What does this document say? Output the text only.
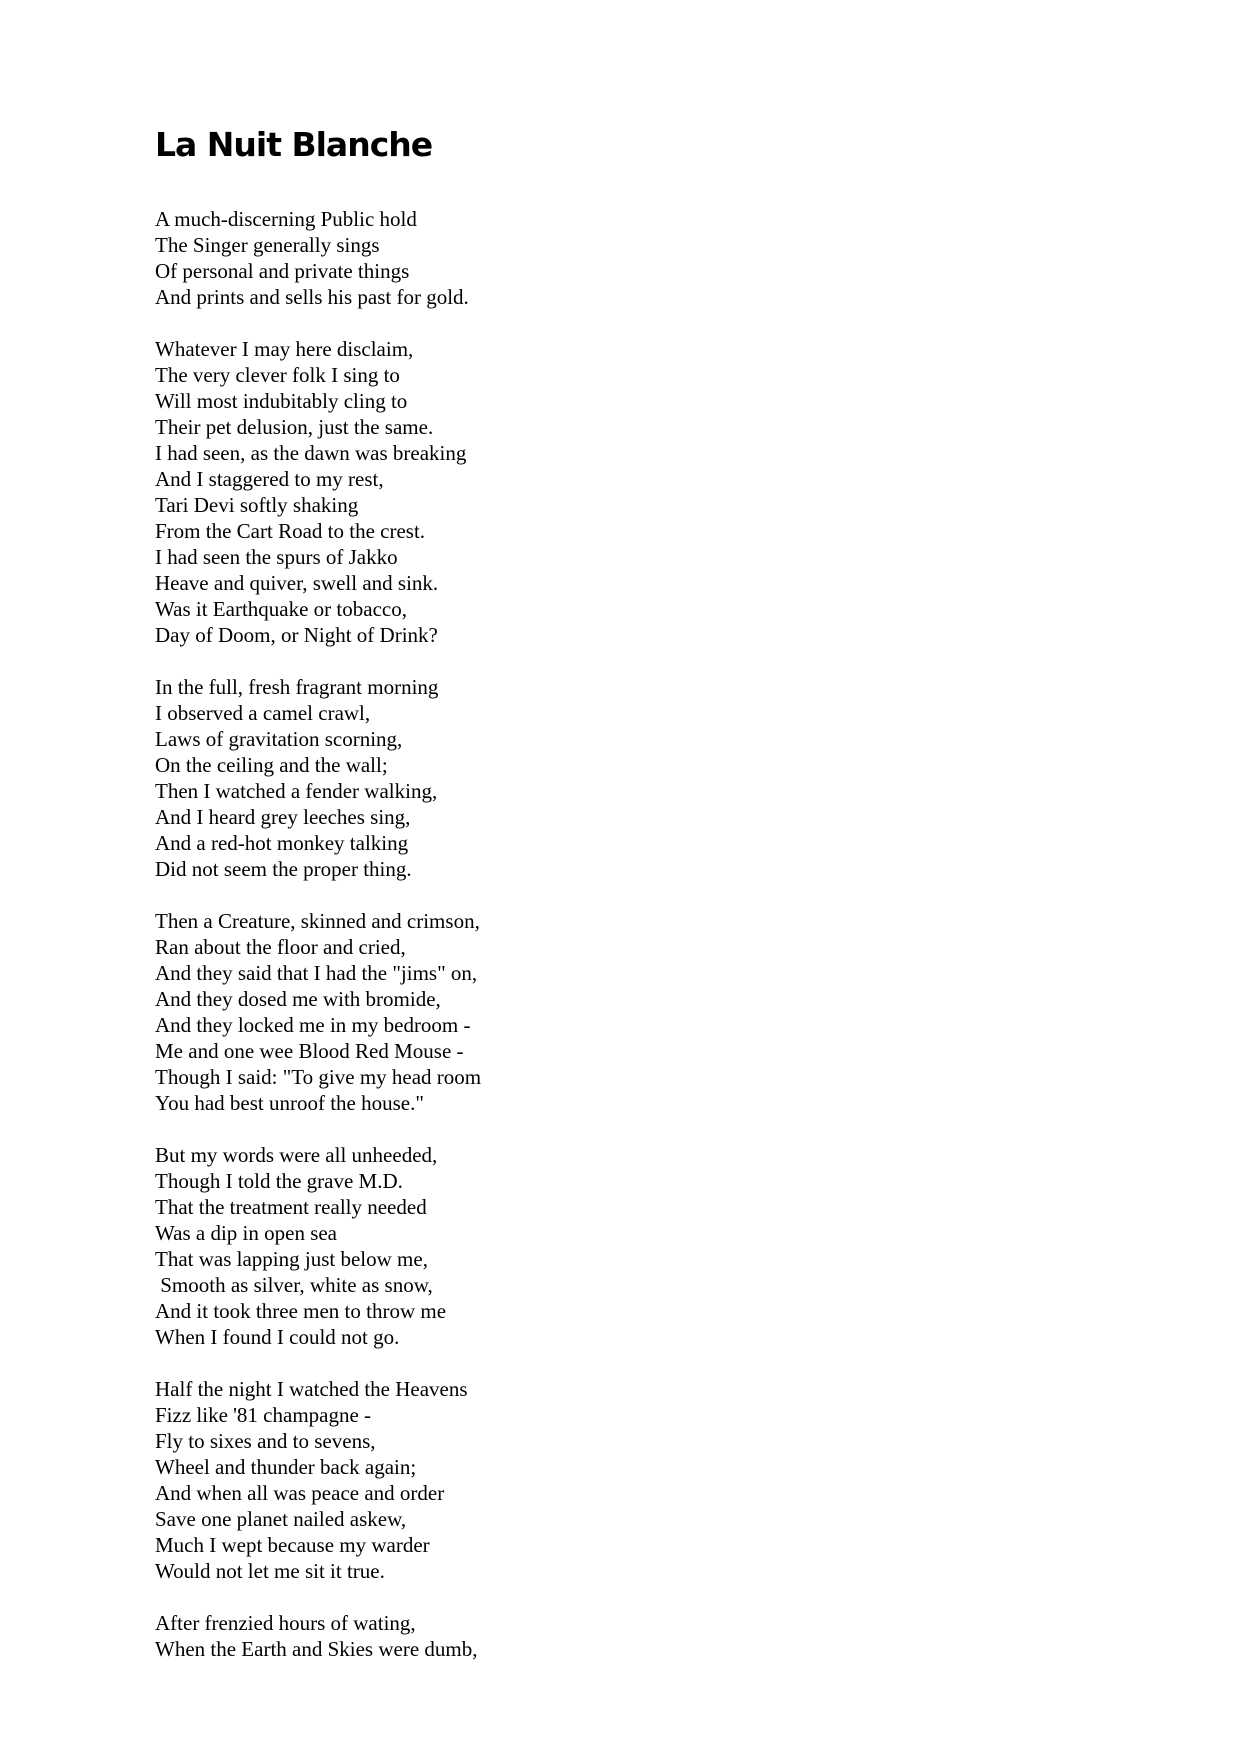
La Nuit Blanche
A much-discerning Public hold
The Singer generally sings
Of personal and private things
And prints and sells his past for gold.
Whatever I may here disclaim,
The very clever folk I sing to
Will most indubitably cling to
Their pet delusion, just the same.
I had seen, as the dawn was breaking
And I staggered to my rest,
Tari Devi softly shaking
From the Cart Road to the crest.
I had seen the spurs of Jakko
Heave and quiver, swell and sink.
Was it Earthquake or tobacco,
Day of Doom, or Night of Drink?
In the full, fresh fragrant morning
I observed a camel crawl,
Laws of gravitation scorning,
On the ceiling and the wall;
Then I watched a fender walking,
And I heard grey leeches sing,
And a red-hot monkey talking
Did not seem the proper thing.
Then a Creature, skinned and crimson,
Ran about the floor and cried,
And they said that I had the "jims" on,
And they dosed me with bromide,
And they locked me in my bedroom -
Me and one wee Blood Red Mouse -
Though I said: "To give my head room
You had best unroof the house."
But my words were all unheeded,
Though I told the grave M.D.
That the treatment really needed
Was a dip in open sea
That was lapping just below me,
Smooth as silver, white as snow,
And it took three men to throw me
When I found I could not go.
Half the night I watched the Heavens
Fizz like '81 champagne -
Fly to sixes and to sevens,
Wheel and thunder back again;
And when all was peace and order
Save one planet nailed askew,
Much I wept because my warder
Would not let me sit it true.
After frenzied hours of wating,
When the Earth and Skies were dumb,
